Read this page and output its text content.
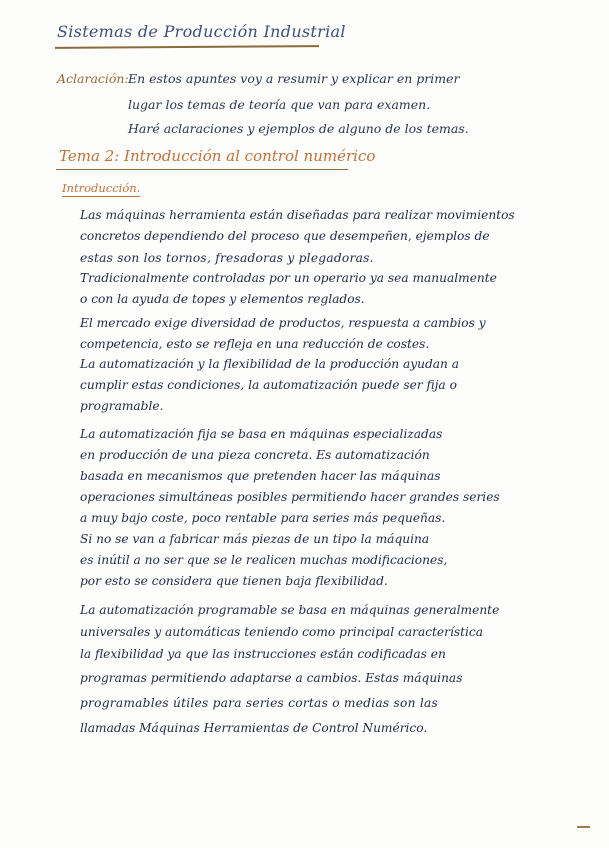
Sistemas de Producción Industrial
Aclaración: En estos apuntes voy a resumir y explicar en primer
lugar los temas de teoría que van para examen.
Haré aclaraciones y ejemplos de alguno de los temas.
Tema 2: Introducción al control numérico
Introducción.
Las máquinas herramienta están diseñadas para realizar movimientos
concretos dependiendo del proceso que desempeñen, ejemplos de
estas son los tornos, fresadoras y plegadoras.
Tradicionalmente controladas por un operario ya sea manualmente
o con la ayuda de topes y elementos reglados.
El mercado exige diversidad de productos, respuesta a cambios y
competencia, esto se refleja en una reducción de costes.
La automatización y la flexibilidad de la producción ayudan a
cumplir estas condiciones, la automatización puede ser fija o
programable.
La automatización fija se basa en máquinas especializadas
en producción de una pieza concreta. Es automatización
basada en mecanismos que pretenden hacer las máquinas
operaciones simultáneas posibles permitiendo hacer grandes series
a muy bajo coste, poco rentable para series más pequeñas.
Si no se van a fabricar más piezas de un tipo la máquina
es inútil a no ser que se le realicen muchas modificaciones,
por esto se considera que tienen baja flexibilidad.
La automatización programable se basa en máquinas generalmente
universales y automáticas teniendo como principal característica
la flexibilidad ya que las instrucciones están codificadas en
programas permitiendo adaptarse a cambios. Estas máquinas
programables útiles para series cortas o medias son las
llamadas Máquinas Herramientas de Control Numérico.
